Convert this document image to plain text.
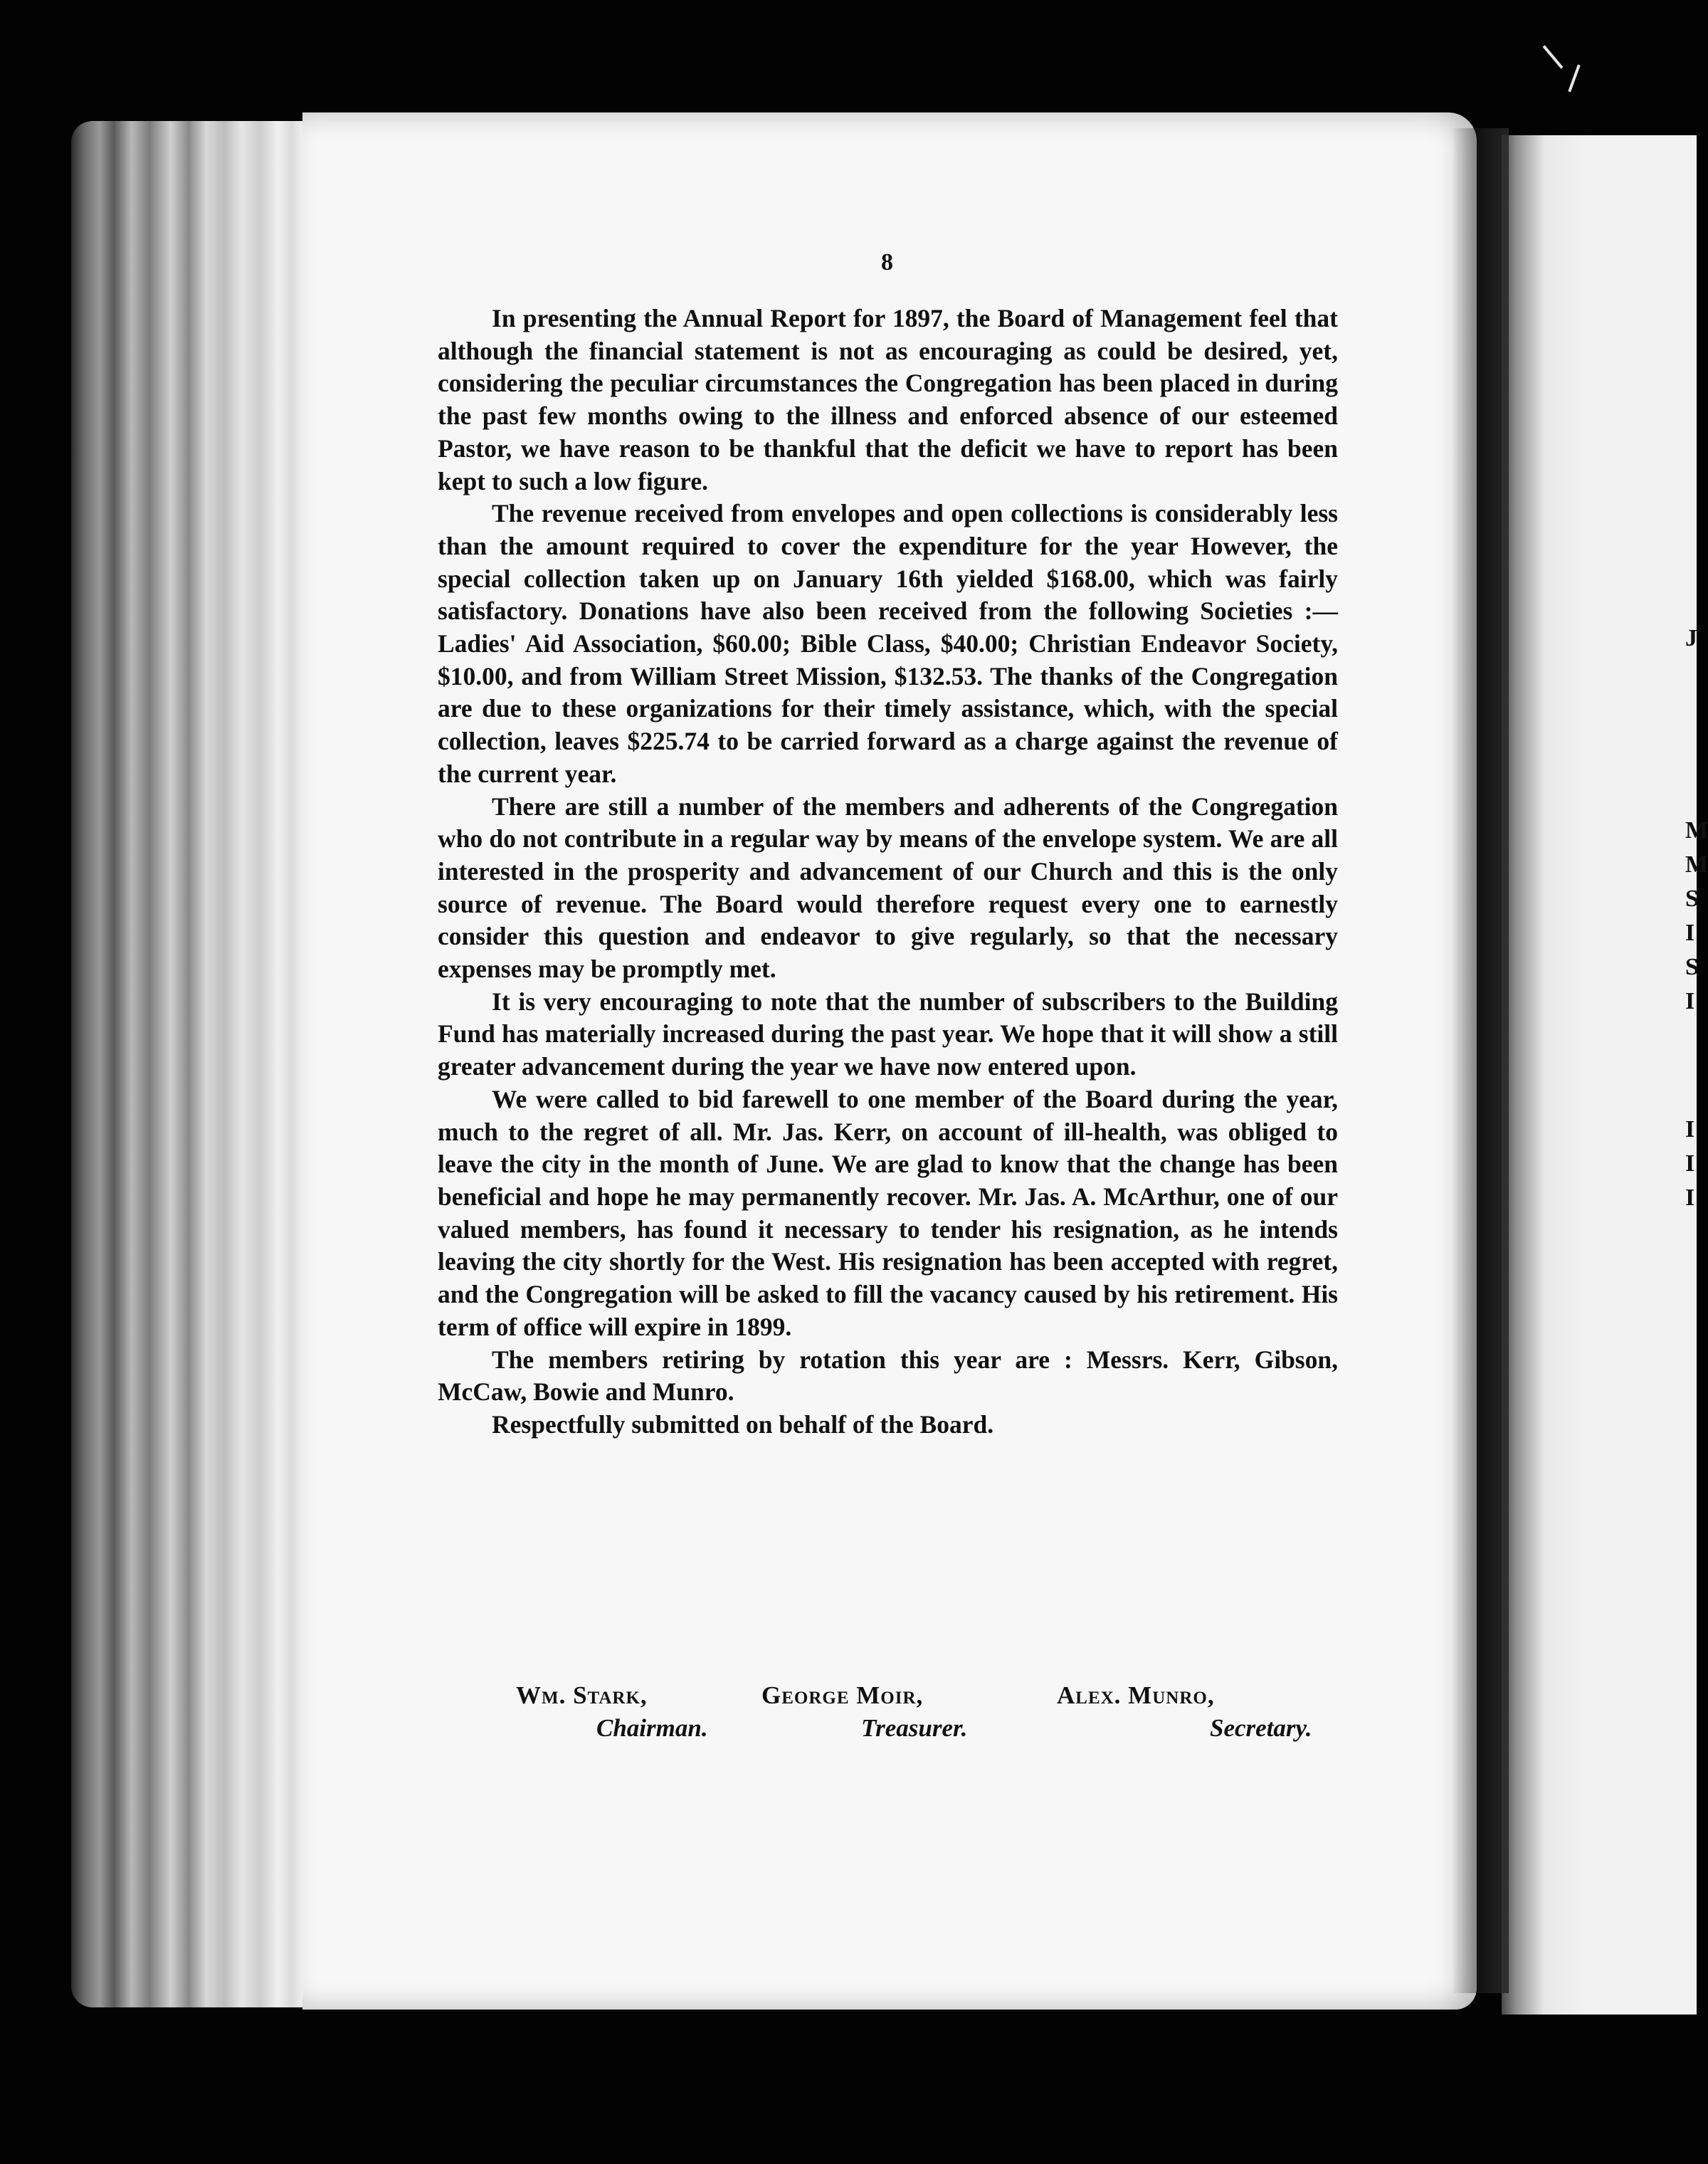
J
M
M
S
I
S
I
I
I
I
8

In presenting the Annual Report for 1897, the Board of Management feel that although the financial statement is not as encouraging as could be desired, yet, considering the peculiar circumstances the Congregation has been placed in during the past few months owing to the illness and enforced absence of our esteemed Pastor, we have reason to be thankful that the deficit we have to report has been kept to such a low figure.

The revenue received from envelopes and open collections is considerably less than the amount required to cover the expenditure for the year However, the special collection taken up on January 16th yielded $168.00, which was fairly satisfactory. Donations have also been received from the following Societies :—Ladies' Aid Association, $60.00; Bible Class, $40.00; Christian Endeavor Society, $10.00, and from William Street Mission, $132.53. The thanks of the Congregation are due to these organizations for their timely assistance, which, with the special collection, leaves $225.74 to be carried forward as a charge against the revenue of the current year.

There are still a number of the members and adherents of the Congregation who do not contribute in a regular way by means of the envelope system. We are all interested in the prosperity and advancement of our Church and this is the only source of revenue. The Board would therefore request every one to earnestly consider this question and endeavor to give regularly, so that the necessary expenses may be promptly met.

It is very encouraging to note that the number of subscribers to the Building Fund has materially increased during the past year. We hope that it will show a still greater advancement during the year we have now entered upon.

We were called to bid farewell to one member of the Board during the year, much to the regret of all. Mr. Jas. Kerr, on account of ill-health, was obliged to leave the city in the month of June. We are glad to know that the change has been beneficial and hope he may permanently recover. Mr. Jas. A. McArthur, one of our valued members, has found it necessary to tender his resignation, as he intends leaving the city shortly for the West. His resignation has been accepted with regret, and the Congregation will be asked to fill the vacancy caused by his retirement. His term of office will expire in 1899.

The members retiring by rotation this year are : Messrs. Kerr, Gibson, McCaw, Bowie and Munro.

Respectfully submitted on behalf of the Board.

Wm. Stark,
Chairman.
George Moir,
Treasurer.
Alex. Munro,
Secretary.
